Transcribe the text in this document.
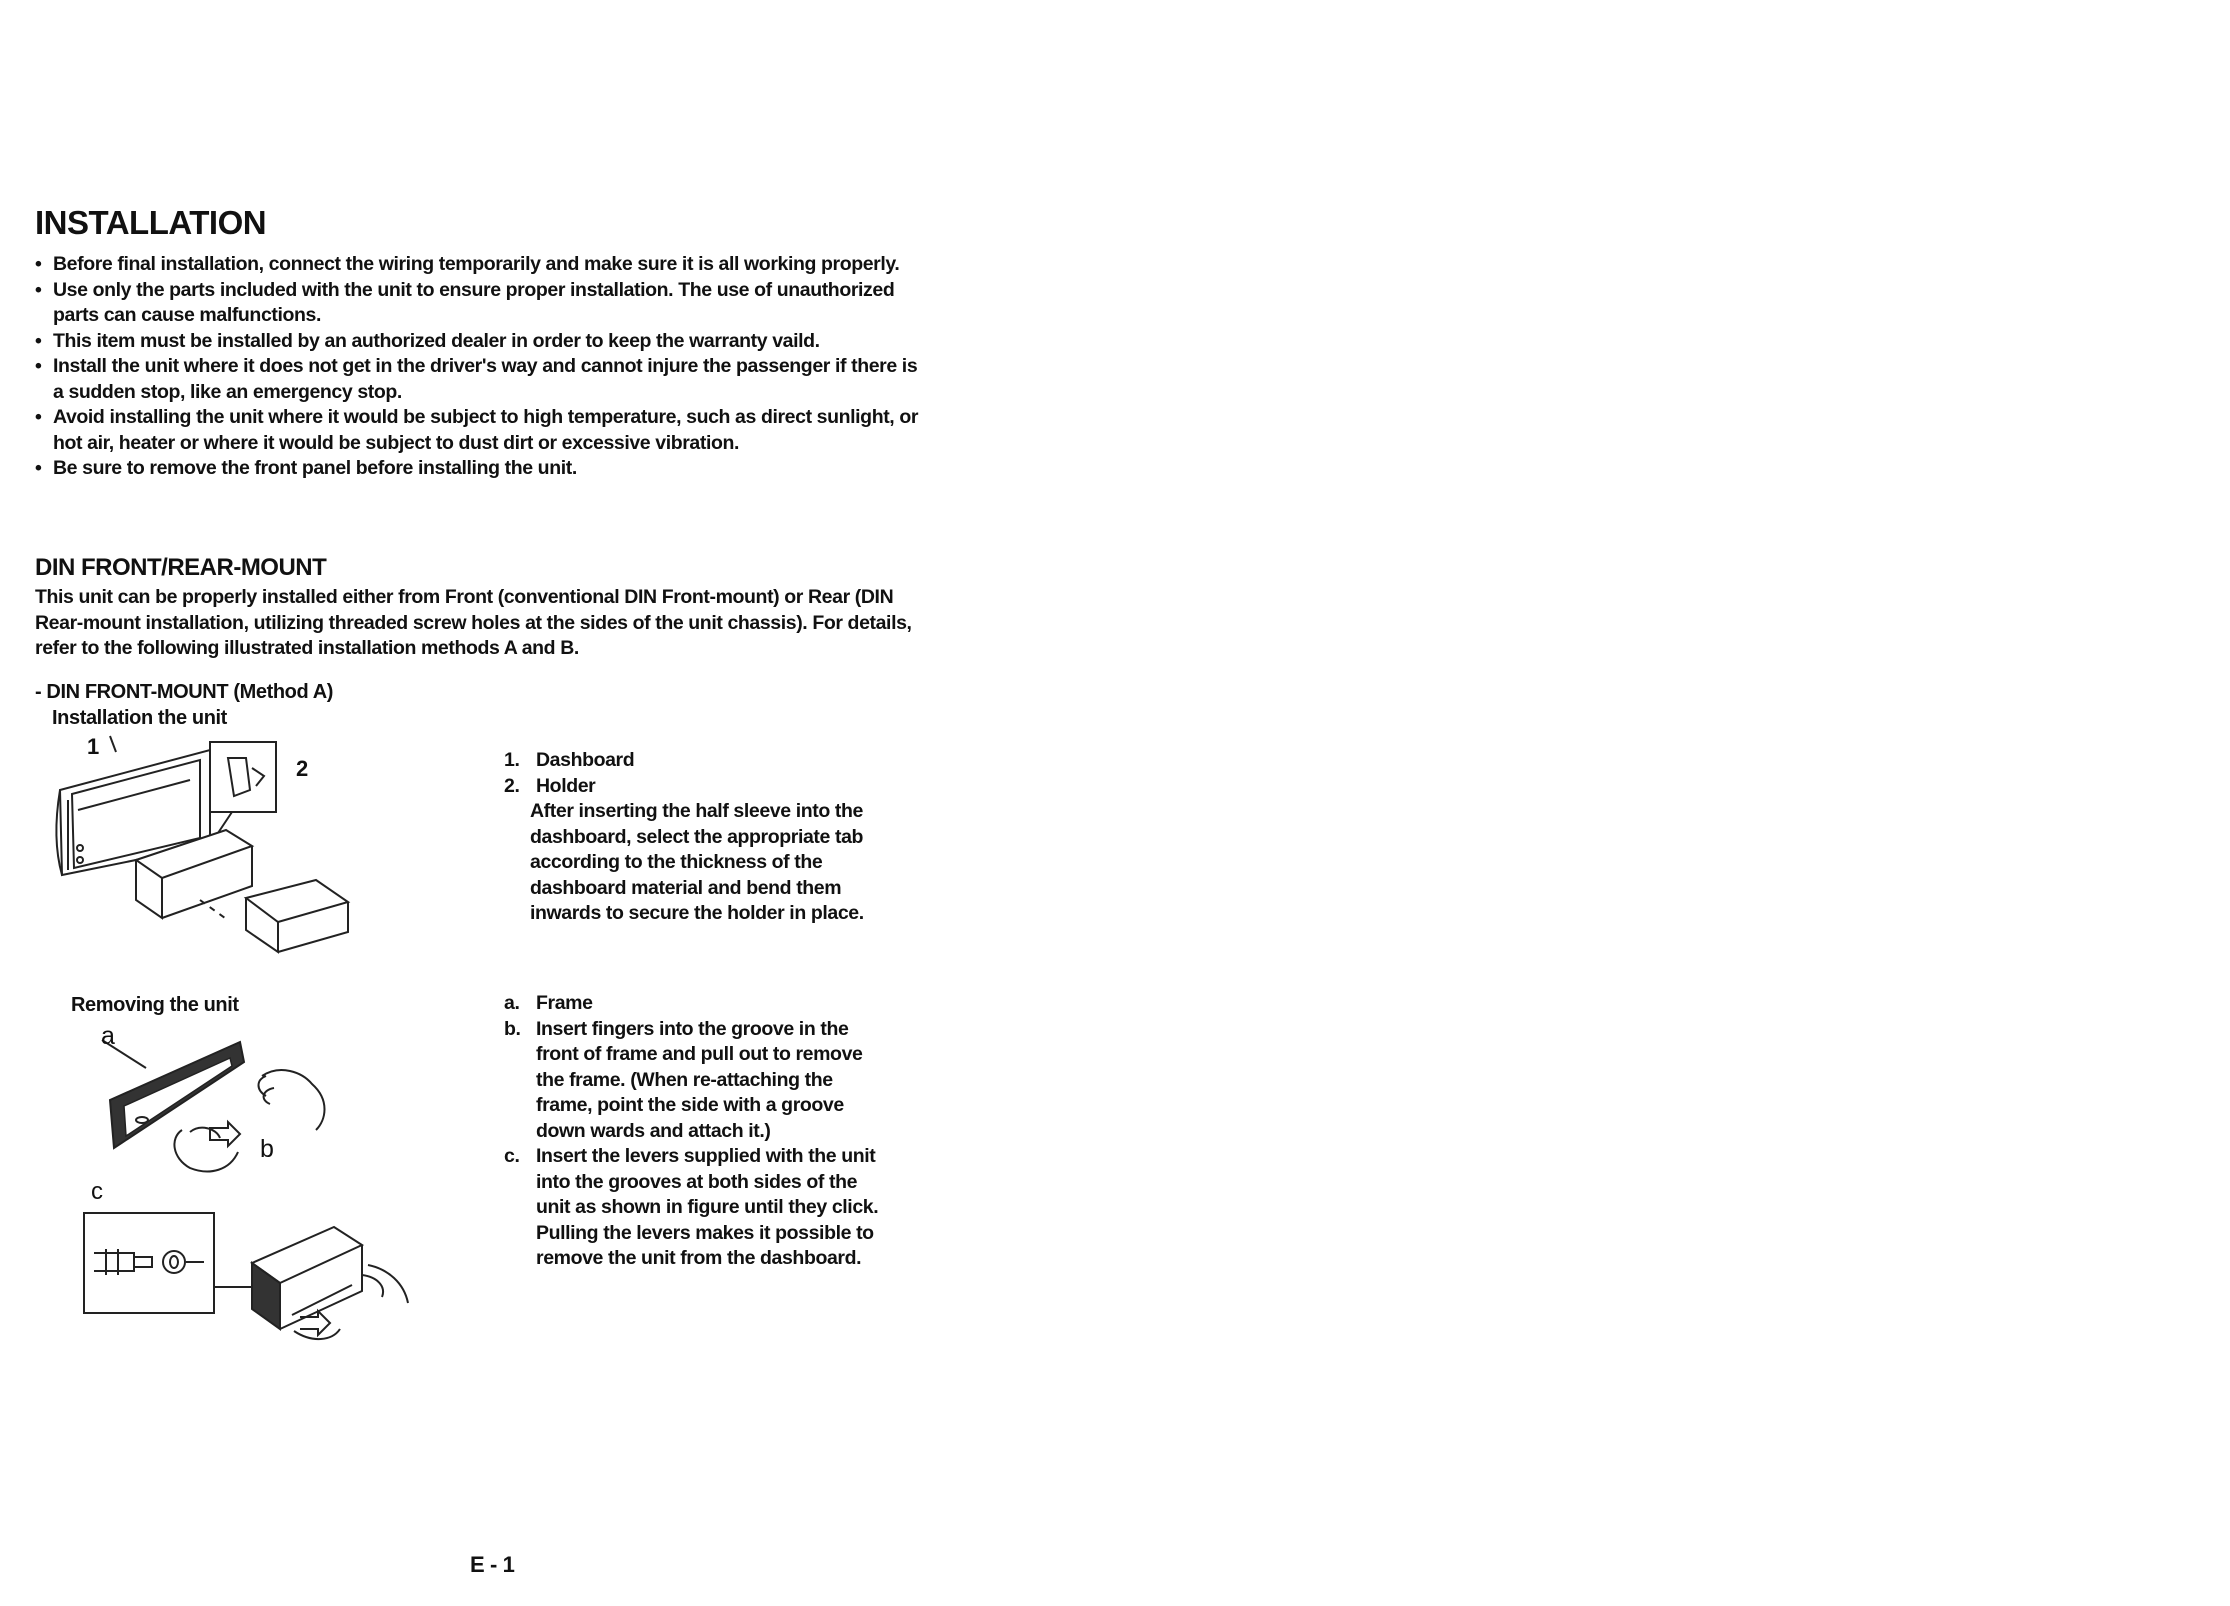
INSTALLATION
• Before final installation, connect the wiring temporarily and make sure it is all working properly.
• Use only the parts included with the unit to ensure proper installation. The use of unauthorized parts can cause malfunctions.
• This item must be installed by an authorized dealer in order to keep the warranty vaild.
• Install the unit where it does not get in the driver's way and cannot injure the passenger if there is a sudden stop, like an emergency stop.
• Avoid installing the unit where it would be subject to high temperature, such as direct sunlight, or hot air, heater or where it would be subject to dust dirt or excessive vibration.
• Be sure to remove the front panel before installing the unit.
DIN FRONT/REAR-MOUNT

This unit can be properly installed either from Front (conventional DIN Front-mount) or Rear (DIN Rear-mount installation, utilizing threaded screw holes at the sides of the unit chassis). For details, refer to the following illustrated installation methods A and B.

- DIN FRONT-MOUNT (Method A)
Installation the unit
1
2	1. Dashboard
2. Holder
After inserting the half sleeve into the dashboard, select the appropriate tab according to the thickness of the dashboard material and bend them inwards to secure the holder in place.
Removing the unit
a
b
c
a. Frame
b. Insert fingers into the groove in the front of frame and pull out to remove the frame. (When re-attaching the frame, point the side with a groove down wards and attach it.)
c. Insert the levers supplied with the unit into the grooves at both sides of the unit as shown in figure until they click. Pulling the levers makes it possible to remove the unit from the dashboard.
E - 1
